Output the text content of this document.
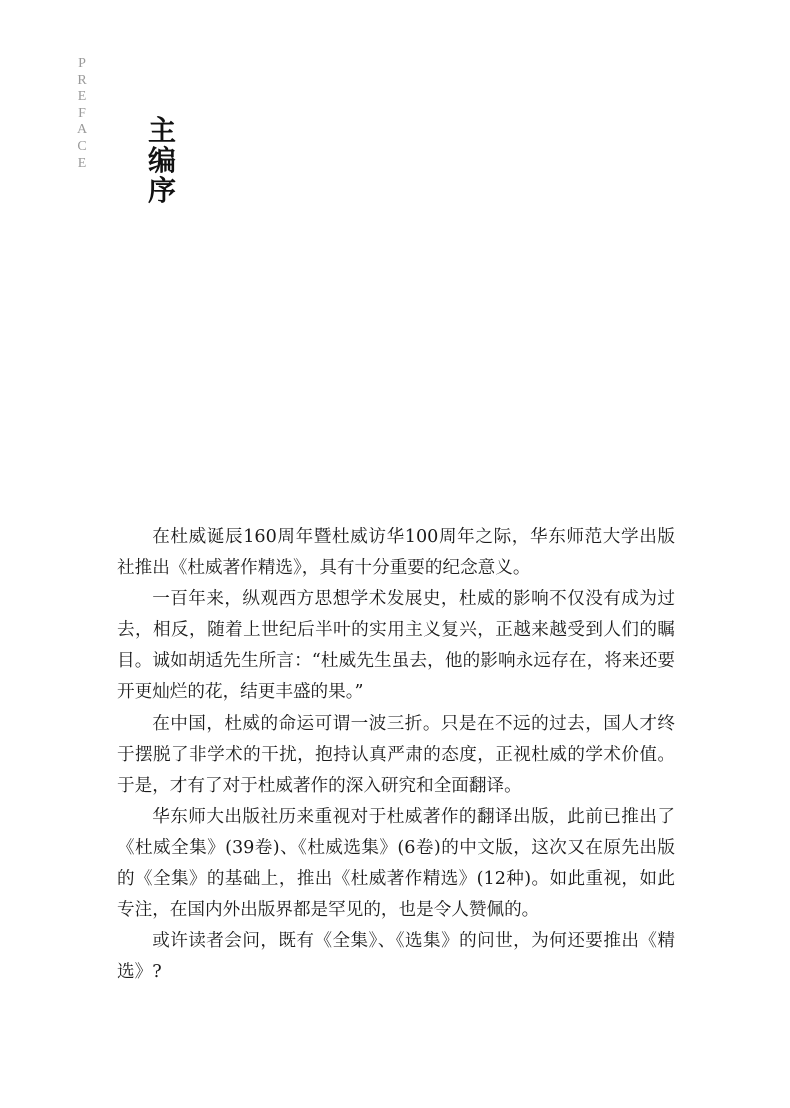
P
R
E
F
A
C
E
主
编
序

在杜威诞辰160周年暨杜威访华100周年之际，华东师范大学出版社推出《杜威著作精选》，具有十分重要的纪念意义。

一百年来，纵观西方思想学术发展史，杜威的影响不仅没有成为过去，相反，随着上世纪后半叶的实用主义复兴，正越来越受到人们的瞩目。诚如胡适先生所言：“杜威先生虽去，他的影响永远存在，将来还要开更灿烂的花，结更丰盛的果。”

在中国，杜威的命运可谓一波三折。只是在不远的过去，国人才终于摆脱了非学术的干扰，抱持认真严肃的态度，正视杜威的学术价值。于是，才有了对于杜威著作的深入研究和全面翻译。

华东师大出版社历来重视对于杜威著作的翻译出版，此前已推出了《杜威全集》(39卷)、《杜威选集》(6卷)的中文版，这次又在原先出版的《全集》的基础上，推出《杜威著作精选》(12种)。如此重视，如此专注，在国内外出版界都是罕见的，也是令人赞佩的。

或许读者会问，既有《全集》、《选集》的问世，为何还要推出《精选》?
